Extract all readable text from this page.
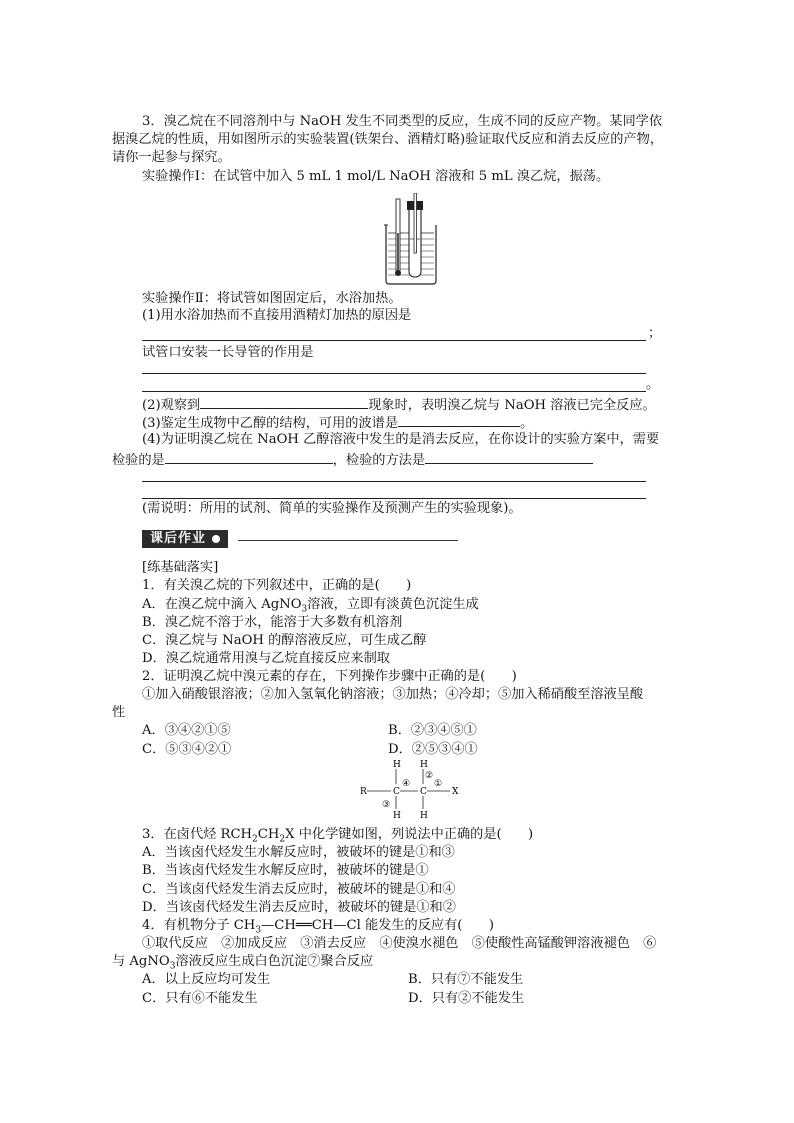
3．溴乙烷在不同溶剂中与 NaOH 发生不同类型的反应，生成不同的反应产物。某同学依
据溴乙烷的性质，用如图所示的实验装置(铁架台、酒精灯略)验证取代反应和消去反应的产物，
请你一起参与探究。
实验操作Ⅰ：在试管中加入 5 mL 1 mol/L NaOH 溶液和 5 mL 溴乙烷，振荡。
实验操作Ⅱ：将试管如图固定后，水浴加热。
(1)用水浴加热而不直接用酒精灯加热的原因是
；
试管口安装一长导管的作用是
。
(2)观察到	现象时，表明溴乙烷与 NaOH 溶液已完全反应。
(3)鉴定生成物中乙醇的结构，可用的波谱是	。
(4)为证明溴乙烷在 NaOH 乙醇溶液中发生的是消去反应，在你设计的实验方案中，需要
检验的是	，检验的方法是
(需说明：所用的试剂、简单的实验操作及预测产生的实验现象)。
课后作业
[练基础落实]
1．有关溴乙烷的下列叙述中，正确的是(　　)
A．在溴乙烷中滴入 AgNO$_3$溶液，立即有淡黄色沉淀生成
B．溴乙烷不溶于水，能溶于大多数有机溶剂
C．溴乙烷与 NaOH 的醇溶液反应，可生成乙醇
D．溴乙烷通常用溴与乙烷直接反应来制取
2．证明溴乙烷中溴元素的存在，下列操作步骤中正确的是(　　)
①加入硝酸银溶液；②加入氢氧化钠溶液；③加热；④冷却；⑤加入稀硝酸至溶液呈酸
性
A．③④②①⑤	B．②③④⑤①
C．⑤③④②①	D．②⑤③④①
H H
H H
R	C C	X
④
②
①
③
3．在卤代烃 $RCH_2CH_2X$ 中化学键如图，列说法中正确的是(　　)
A．当该卤代烃发生水解反应时，被破坏的键是①和③
B．当该卤代烃发生水解反应时，被破坏的键是①
C．当该卤代烃发生消去反应时，被破坏的键是①和④
D．当该卤代烃发生消去反应时，被破坏的键是①和②
4．有机物分子 $CH_3—CH══CH—Cl$ 能发生的反应有(　　)
①取代反应　②加成反应　③消去反应　④使溴水褪色　⑤使酸性高锰酸钾溶液褪色　⑥
与 AgNO$_3$溶液反应生成白色沉淀⑦聚合反应
A．以上反应均可发生	B．只有⑦不能发生
C．只有⑥不能发生	D．只有②不能发生
